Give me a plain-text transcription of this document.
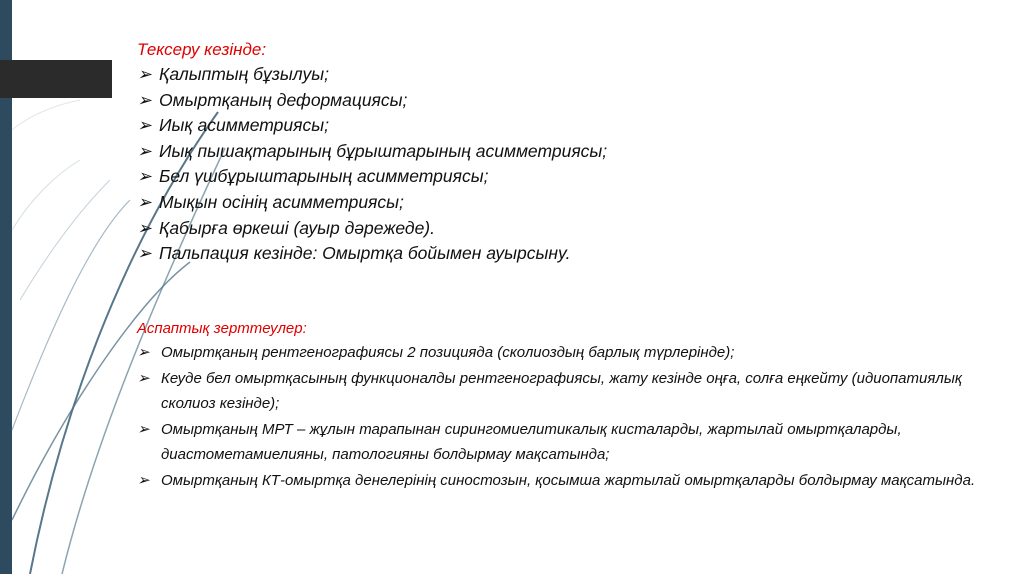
Тексеру кезінде:
➢ Қалыптың бұзылуы;
➢ Омыртқаның деформациясы;
➢ Иық асимметриясы;
➢ Иық пышақтарының бұрыштарының асимметриясы;
➢ Бел үшбұрыштарының асимметриясы;
➢ Мықын осінің асимметриясы;
➢ Қабырға өркеші (ауыр дәрежеде).
➢ Пальпация кезінде: Омыртқа бойымен ауырсыну.
Аспаптық зерттеулер:
➢ Омыртқаның рентгенографиясы 2 позицияда (сколиоздың барлық түрлерінде);
➢ Кеуде бел омыртқасының функционалды рентгенографиясы, жату кезінде оңға, солға еңкейту (идиопатиялық сколиоз кезінде);
➢ Омыртқаның МРТ – жұлын тарапынан сирингомиелитикалық кисталарды, жартылай омыртқаларды, диастометамиелияны, патологияны болдырмау мақсатында;
➢ Омыртқаның КТ-омыртқа денелерінің синостозын, қосымша жартылай омыртқаларды болдырмау мақсатында.
